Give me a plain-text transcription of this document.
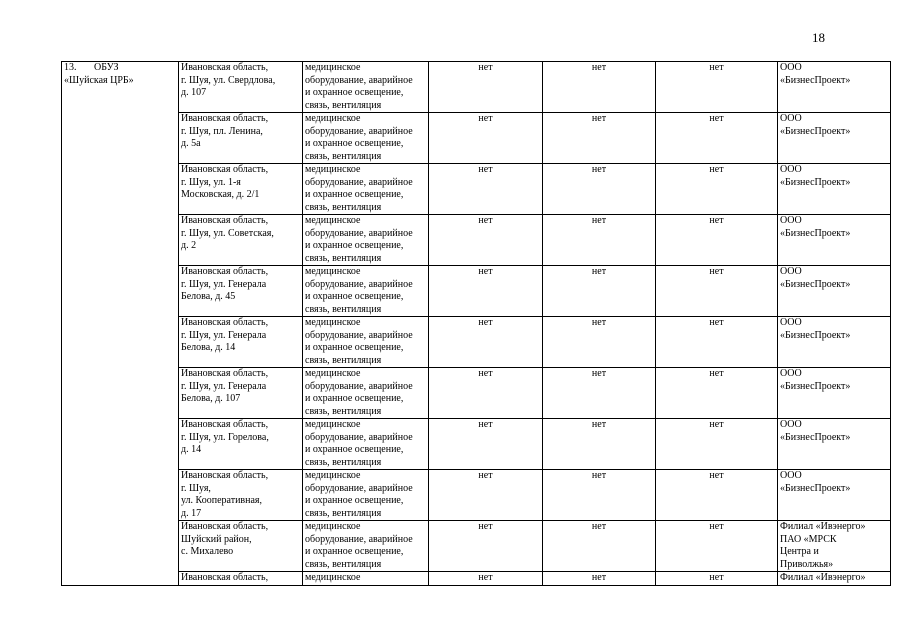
18
13. ОБУЗ
«Шуйская ЦРБ»	Ивановская область,
г. Шуя, ул. Свердлова,
д. 107	медицинское
оборудование, аварийное
и охранное освещение,
связь, вентиляция	нет	нет	нет	ООО
«БизнесПроект»

	Ивановская область,
г. Шуя, пл. Ленина,
д. 5а	медицинское
оборудование, аварийное
и охранное освещение,
связь, вентиляция	нет	нет	нет	ООО
«БизнесПроект»

	Ивановская область,
г. Шуя, ул. 1-я
Московская, д. 2/1	медицинское
оборудование, аварийное
и охранное освещение,
связь, вентиляция	нет	нет	нет	ООО
«БизнесПроект»

	Ивановская область,
г. Шуя, ул. Советская,
д. 2	медицинское
оборудование, аварийное
и охранное освещение,
связь, вентиляция	нет	нет	нет	ООО
«БизнесПроект»

	Ивановская область,
г. Шуя, ул. Генерала
Белова, д. 45	медицинское
оборудование, аварийное
и охранное освещение,
связь, вентиляция	нет	нет	нет	ООО
«БизнесПроект»

	Ивановская область,
г. Шуя, ул. Генерала
Белова, д. 14	медицинское
оборудование, аварийное
и охранное освещение,
связь, вентиляция	нет	нет	нет	ООО
«БизнесПроект»

	Ивановская область,
г. Шуя, ул. Генерала
Белова, д. 107	медицинское
оборудование, аварийное
и охранное освещение,
связь, вентиляция	нет	нет	нет	ООО
«БизнесПроект»

	Ивановская область,
г. Шуя, ул. Горелова,
д. 14	медицинское
оборудование, аварийное
и охранное освещение,
связь, вентиляция	нет	нет	нет	ООО
«БизнесПроект»

	Ивановская область,
г. Шуя,
ул. Кооперативная,
д. 17	медицинское
оборудование, аварийное
и охранное освещение,
связь, вентиляция	нет	нет	нет	ООО
«БизнесПроект»

	Ивановская область,
Шуйский район,
с. Михалево	медицинское
оборудование, аварийное
и охранное освещение,
связь, вентиляция	нет	нет	нет	Филиал «Ивэнерго»
ПАО «МРСК
Центра и
Приволжья»

	Ивановская область,	медицинское	нет	нет	нет	Филиал «Ивэнерго»
